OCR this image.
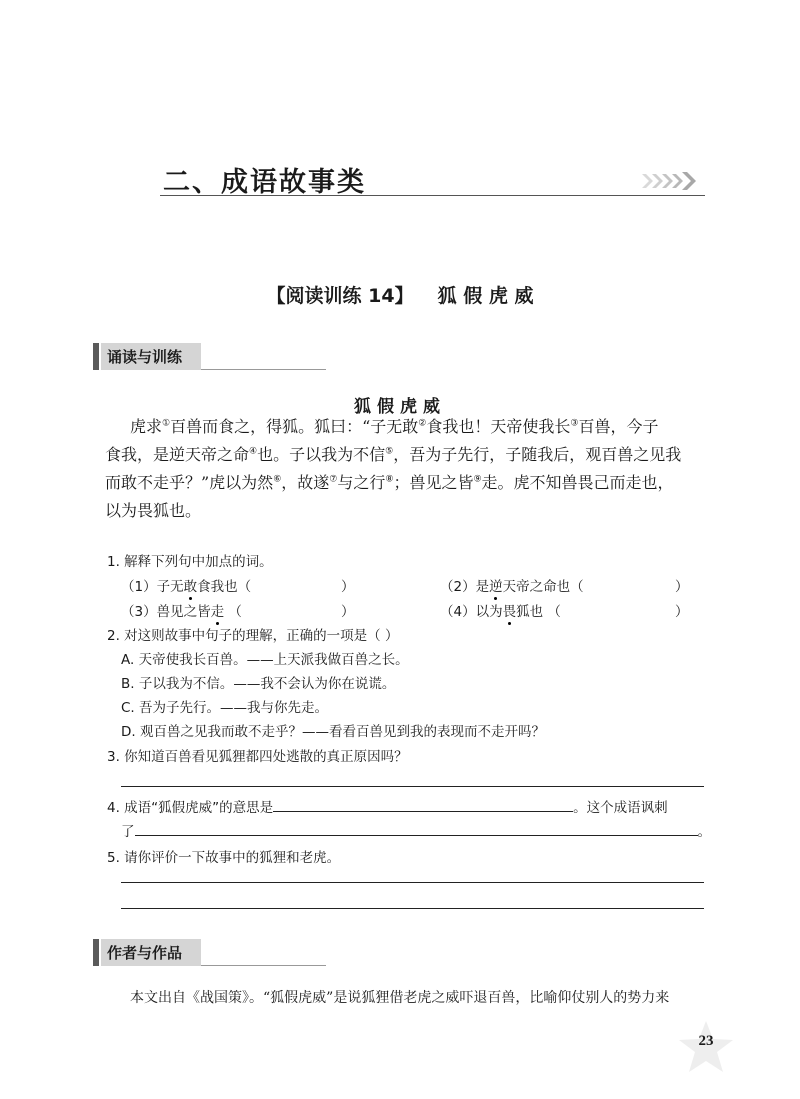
二、成语故事类
【阅读训练 14】 狐 假 虎 威
诵读与训练
狐假虎威
虎求①百兽而食之，得狐。狐曰：“子无敢②食我也！天帝使我长③百兽，今子
食我，是逆天帝之命④也。子以我为不信⑤，吾为子先行，子随我后，观百兽之见我
而敢不走乎？”虎以为然⑥，故遂⑦与之行⑧；兽见之皆⑨走。虎不知兽畏己而走也，
以为畏狐也。
1. 解释下列句中加点的词。
（1）子无敢食我也（	）	（2）是逆天帝之命也（	）
（3）兽见之皆走 （	）	（4）以为畏狐也 （	）
2. 对这则故事中句子的理解，正确的一项是（ ）
A. 天帝使我长百兽。——上天派我做百兽之长。
B. 子以我为不信。——我不会认为你在说谎。
C. 吾为子先行。——我与你先走。
D. 观百兽之见我而敢不走乎？——看看百兽见到我的表现而不走开吗？
3. 你知道百兽看见狐狸都四处逃散的真正原因吗？
4. 成语“狐假虎威”的意思是	。这个成语讽刺
了	。
5. 请你评价一下故事中的狐狸和老虎。
作者与作品
本文出自《战国策》。“狐假虎威”是说狐狸借老虎之威吓退百兽，比喻仰仗别人的势力来
23
